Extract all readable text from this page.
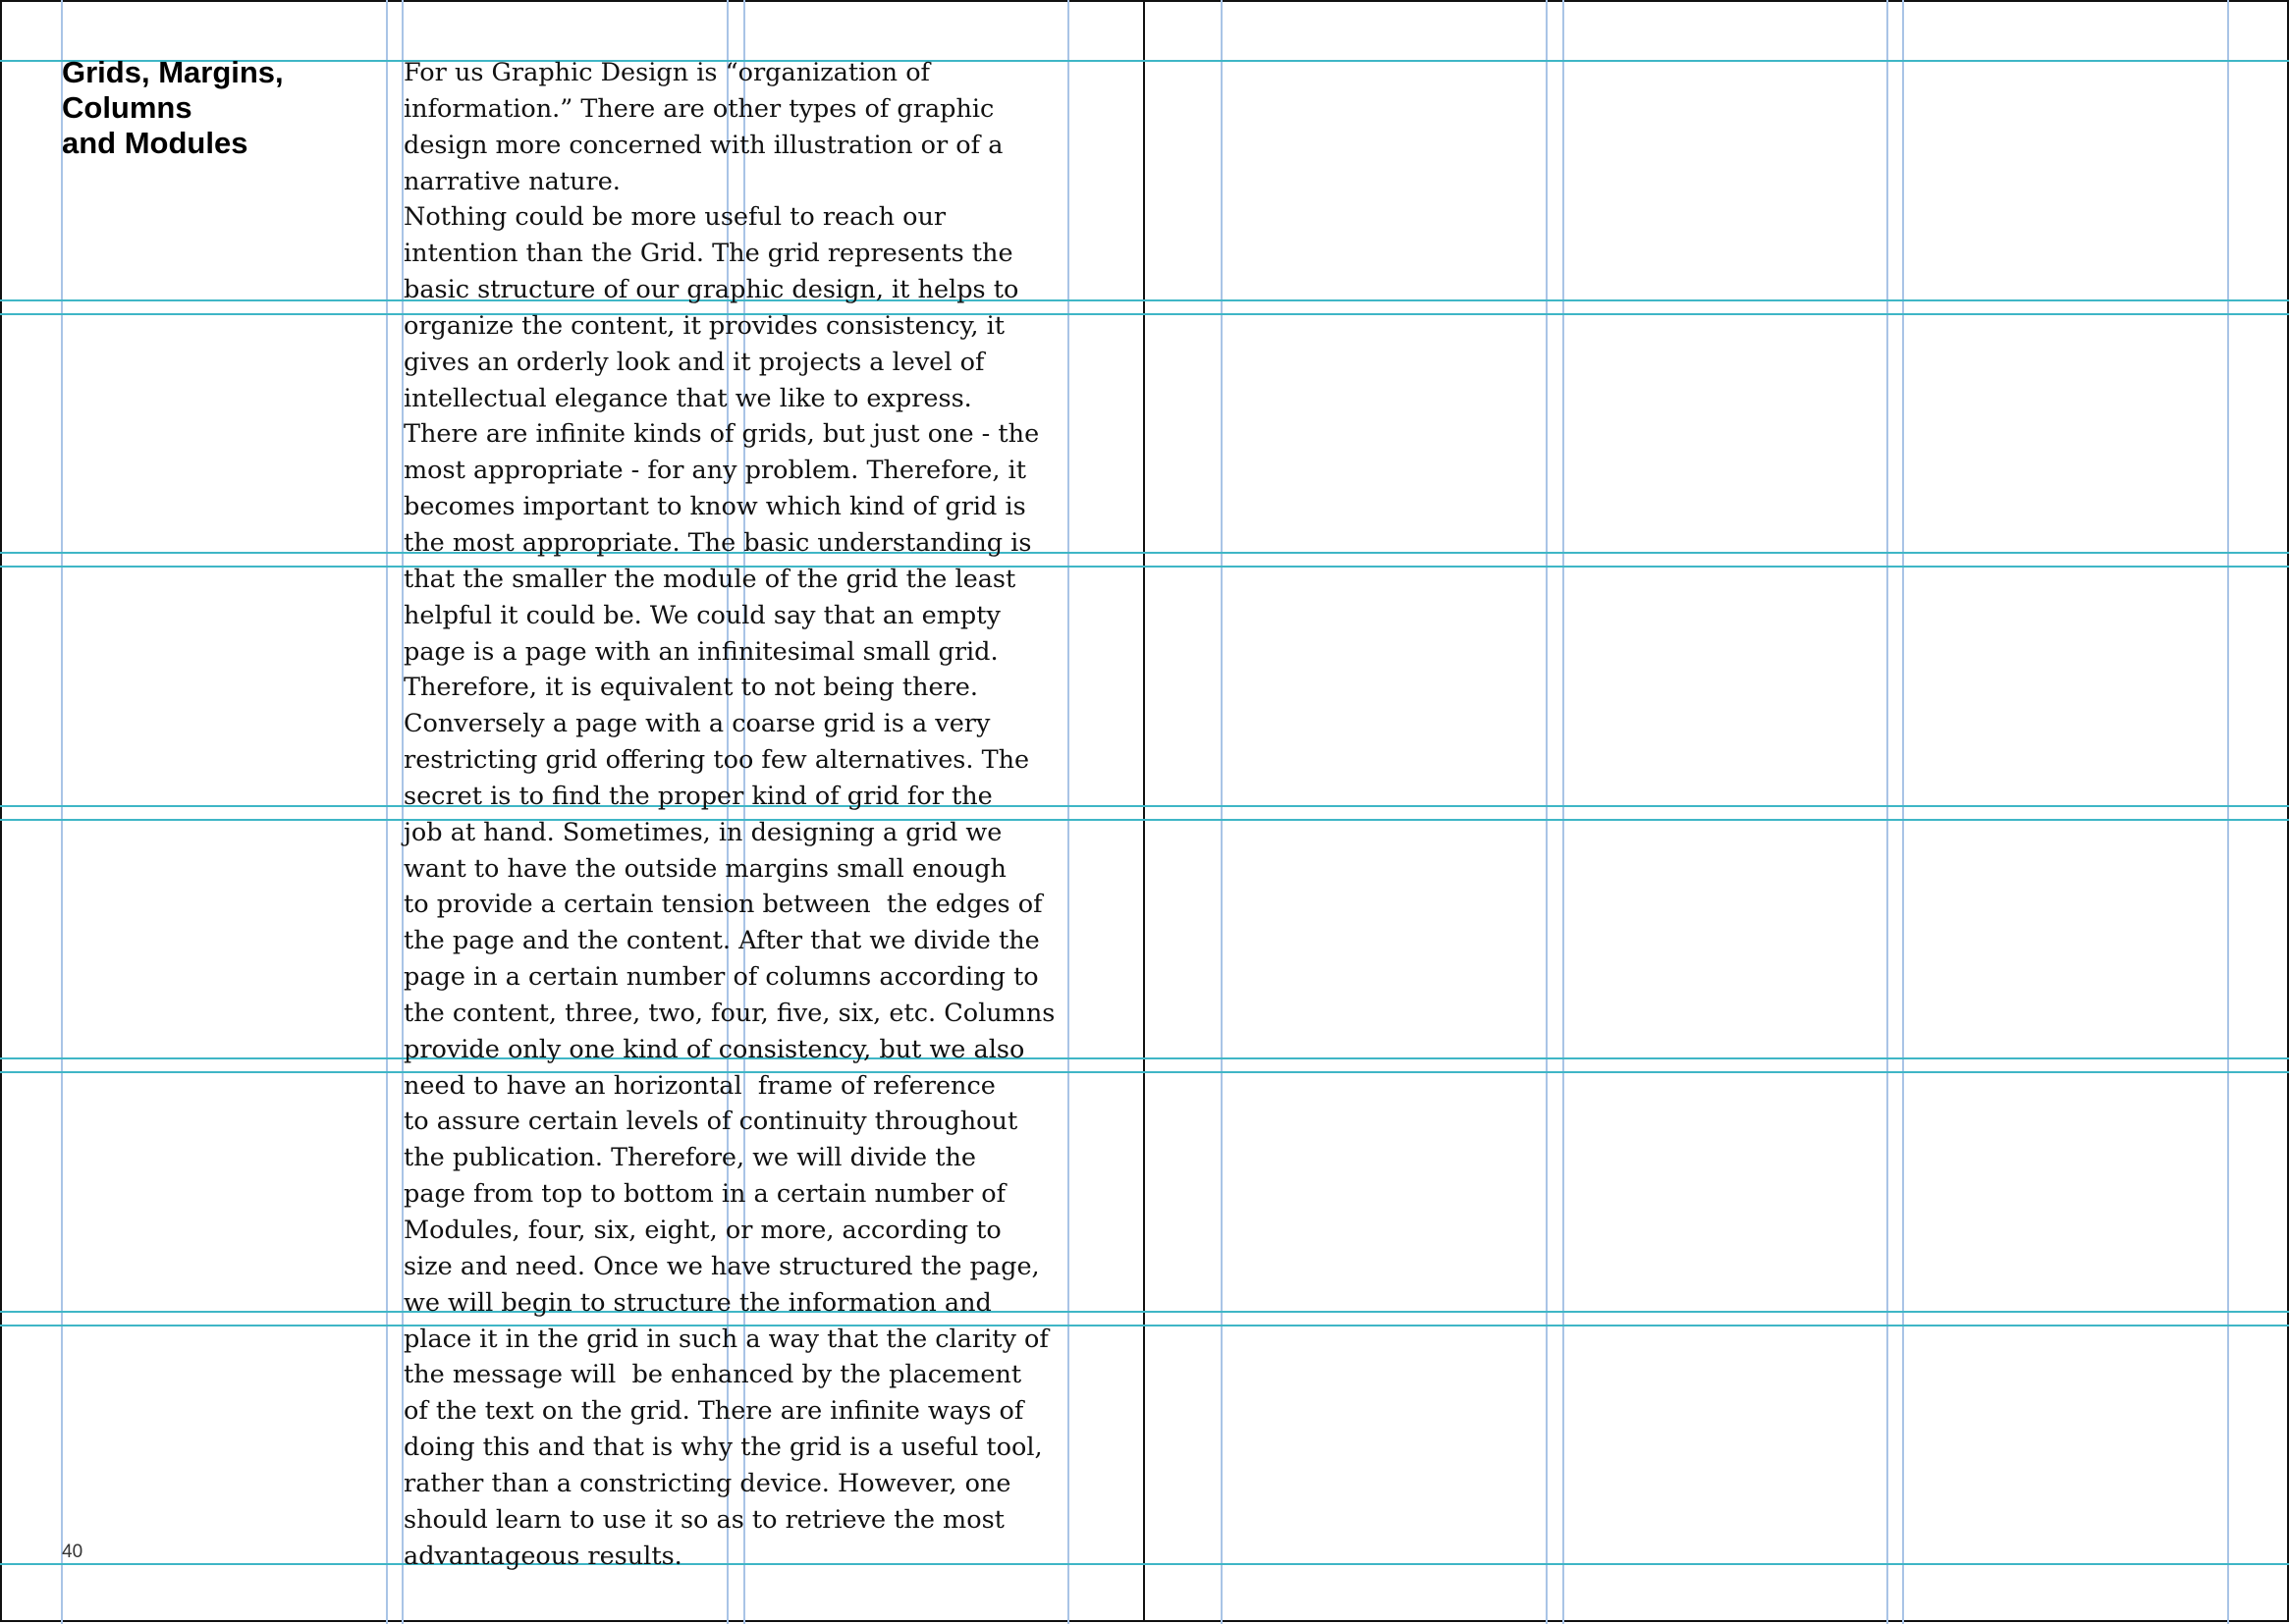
Grids, Margins,
Columns
and Modules
For us Graphic Design is “organization of
information.” There are other types of graphic
design more concerned with illustration or of a
narrative nature.
Nothing could be more useful to reach our
intention than the Grid. The grid represents the
basic structure of our graphic design, it helps to
organize the content, it provides consistency, it
gives an orderly look and it projects a level of
intellectual elegance that we like to express.
There are infinite kinds of grids, but just one - the
most appropriate - for any problem. Therefore, it
becomes important to know which kind of grid is
the most appropriate. The basic understanding is
that the smaller the module of the grid the least
helpful it could be. We could say that an empty
page is a page with an infinitesimal small grid.
Therefore, it is equivalent to not being there.
Conversely a page with a coarse grid is a very
restricting grid offering too few alternatives. The
secret is to find the proper kind of grid for the
job at hand. Sometimes, in designing a grid we
want to have the outside margins small enough
to provide a certain tension between  the edges of
the page and the content. After that we divide the
page in a certain number of columns according to
the content, three, two, four, five, six, etc. Columns
provide only one kind of consistency, but we also
need to have an horizontal  frame of reference
to assure certain levels of continuity throughout
the publication. Therefore, we will divide the
page from top to bottom in a certain number of
Modules, four, six, eight, or more, according to
size and need. Once we have structured the page,
we will begin to structure the information and
place it in the grid in such a way that the clarity of
the message will  be enhanced by the placement
of the text on the grid. There are infinite ways of
doing this and that is why the grid is a useful tool,
rather than a constricting device. However, one
should learn to use it so as to retrieve the most
advantageous results.
40
